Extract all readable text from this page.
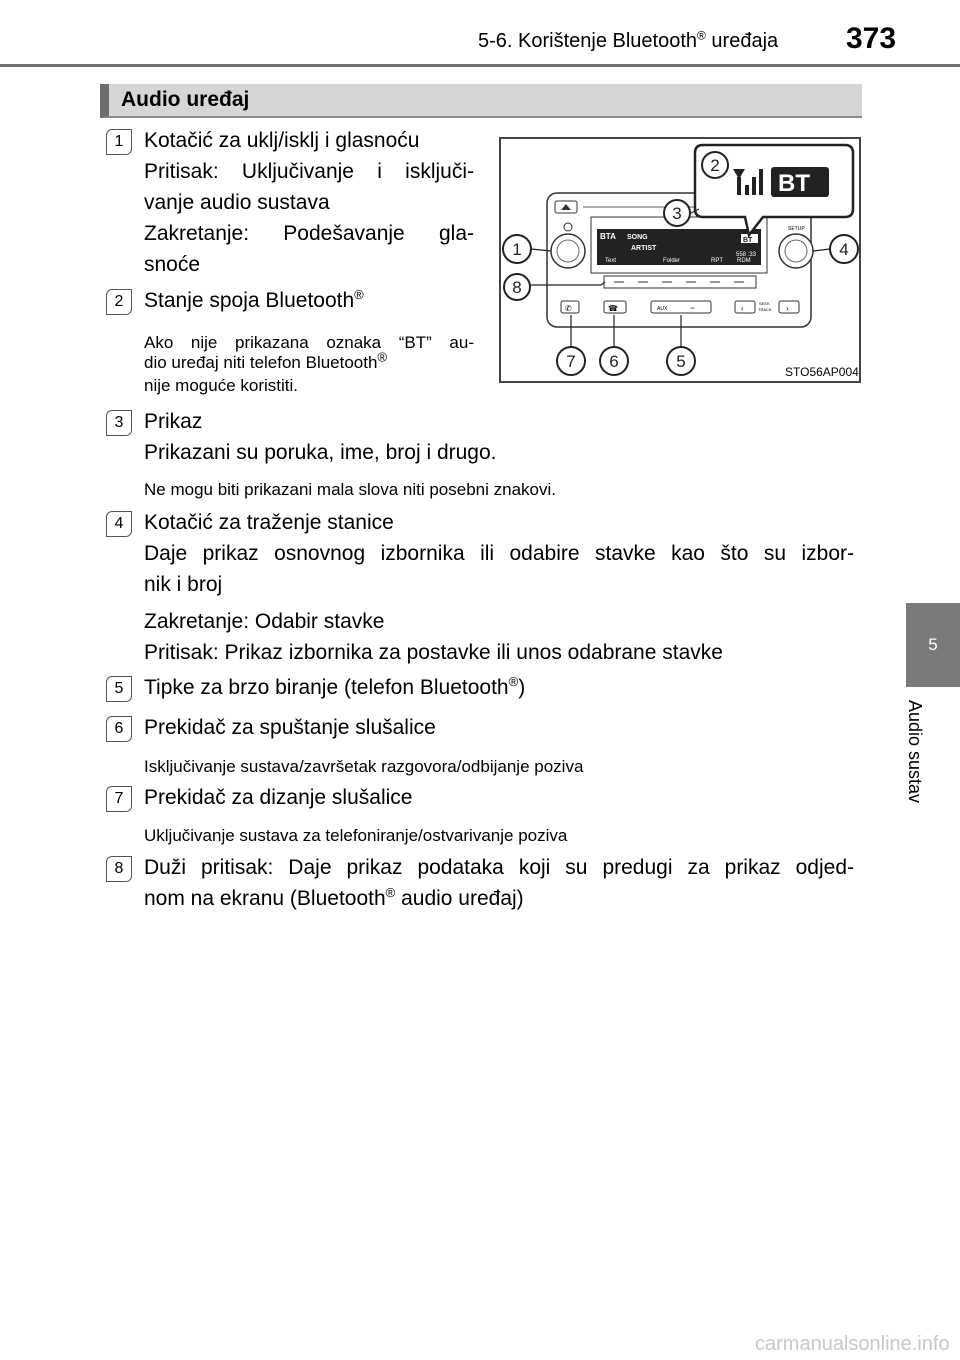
5-6. Korištenje Bluetooth® uređaja 373
5
Audio sustav
Audio uređaj
1 Kotačić za uklj/isklj i glasnoću
Pritisak: Uključivanje i isključi-
vanje audio sustava
Zakretanje: Podešavanje gla-
snoće
2 Stanje spoja Bluetooth®
Ako nije prikazana oznaka “BT” au-
dio uređaj niti telefon Bluetooth®
nije moguće koristiti.
3 Prikaz
Prikazani su poruka, ime, broj i drugo.
Ne mogu biti prikazani mala slova niti posebni znakovi.
4 Kotačić za traženje stanice
Daje prikaz osnovnog izbornika ili odabire stavke kao što su izbor-
nik i broj
Zakretanje: Odabir stavke
Pritisak: Prikaz izbornika za postavke ili unos odabrane stavke
5 Tipke za brzo biranje (telefon Bluetooth®)
6 Prekidač za spuštanje slušalice
Isključivanje sustava/završetak razgovora/odbijanje poziva
7 Prekidač za dizanje slušalice
Uključivanje sustava za telefoniranje/ostvarivanje poziva
8 Duži pritisak: Daje prikaz podataka koji su predugi za prikaz odjed-
nom na ekranu (Bluetooth® audio uređaj)
SETUP
BTA SONG
ARTIST
558 :33
BT
Text	Folder	RPT RDM
✆	☎	AUX	⇔	‹
SEEK
TRACK ›
BT
1
2
3
4
5
6
7
8
STO56AP004
carmanualsonline.info
